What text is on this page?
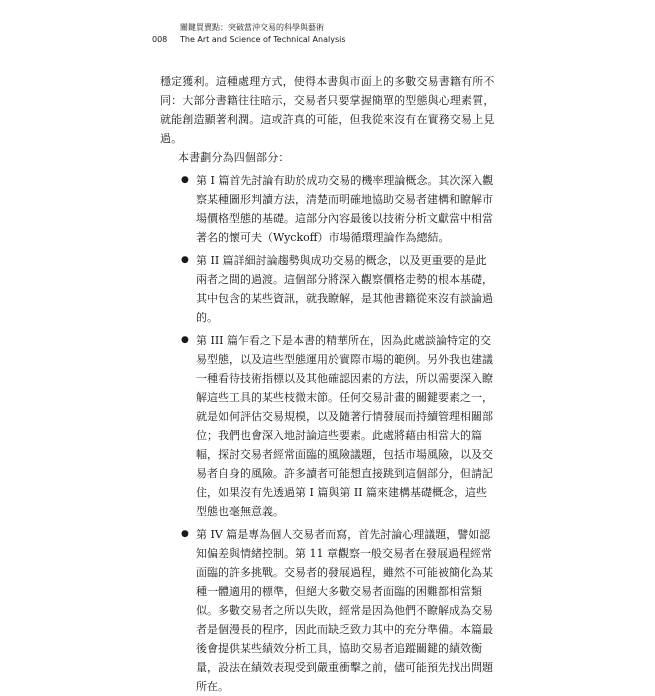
關鍵買賣點：突破當沖交易的科學與藝術
008 The Art and Science of Technical Analysis

穩定獲利。這種處理方式，使得本書與市面上的多數交易書籍有所不同：大部分書籍往往暗示，交易者只要掌握簡單的型態與心理素質，就能創造顯著利潤。這或許真的可能，但我從來沒有在實務交易上見過。

本書劃分為四個部分：

● 第 I 篇首先討論有助於成功交易的機率理論概念。其次深入觀察某種圖形判讀方法，清楚而明確地協助交易者建構和瞭解市場價格型態的基礎。這部分內容最後以技術分析文獻當中相當著名的懷可夫（Wyckoff）市場循環理論作為總結。
● 第 II 篇詳細討論趨勢與成功交易的概念，以及更重要的是此兩者之間的過渡。這個部分將深入觀察價格走勢的根本基礎，其中包含的某些資訊，就我瞭解，是其他書籍從來沒有談論過的。
● 第 III 篇乍看之下是本書的精華所在，因為此處談論特定的交易型態，以及這些型態運用於實際市場的範例。另外我也建議一種看待技術指標以及其他確認因素的方法，所以需要深入瞭解這些工具的某些枝微末節。任何交易計畫的關鍵要素之一，就是如何評估交易規模，以及隨著行情發展而持續管理相關部位；我們也會深入地討論這些要素。此處將藉由相當大的篇幅，探討交易者經常面臨的風險議題，包括市場風險，以及交易者自身的風險。許多讀者可能想直接跳到這個部分，但請記住，如果沒有先透過第 I 篇與第 II 篇來建構基礎概念，這些型態也毫無意義。
● 第 IV 篇是專為個人交易者而寫，首先討論心理議題，譬如認知偏差與情緒控制。第 11 章觀察一般交易者在發展過程經常面臨的許多挑戰。交易者的發展過程，雖然不可能被簡化為某種一體適用的標準，但絕大多數交易者面臨的困難都相當類似。多數交易者之所以失敗，經常是因為他們不瞭解成為交易者是個漫長的程序，因此而缺乏致力其中的充分準備。本篇最後會提供某些績效分析工具，協助交易者追蹤關鍵的績效衡量，設法在績效表現受到嚴重衝擊之前，儘可能預先找出問題所在。
